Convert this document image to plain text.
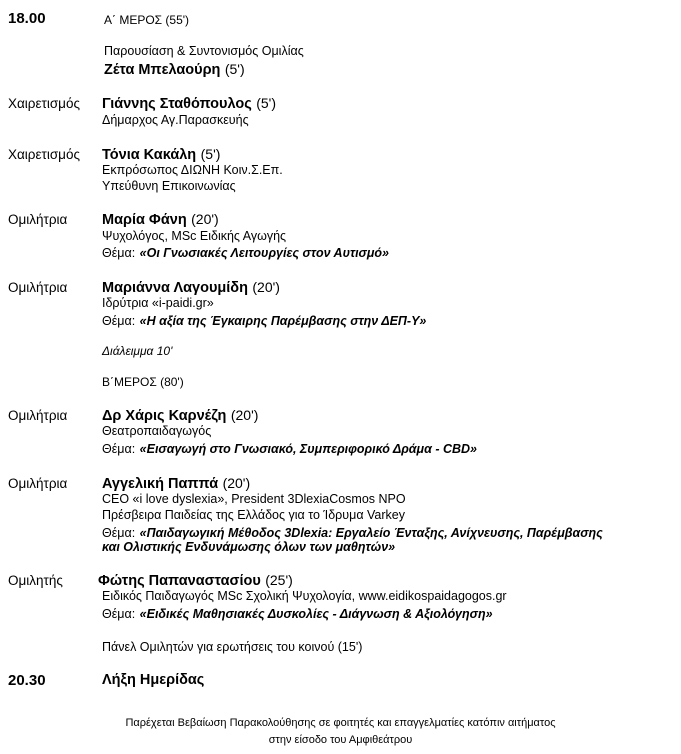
18.00	Α΄ ΜΕΡΟΣ (55')
Παρουσίαση & Συντονισμός Ομιλίας
Ζέτα Μπελαούρη (5')
Χαιρετισμός Γιάννης Σταθόπουλος (5')
Δήμαρχος Αγ.Παρασκευής
Χαιρετισμός Τόνια Κακάλη (5')
Εκπρόσωπος ΔΙΩΝΗ Κοιν.Σ.Επ.
Υπεύθυνη Επικοινωνίας
Ομιλήτρια Μαρία Φάνη (20')
Ψυχολόγος, MSc Ειδικής Αγωγής
Θέμα: «Οι Γνωσιακές Λειτουργίες στον Αυτισμό»
Ομιλήτρια Μαριάννα Λαγουμίδη (20')
Ιδρύτρια «i-paidi.gr»
Θέμα: «Η αξία της Έγκαιρης Παρέμβασης στην ΔΕΠ-Υ»
Διάλειμμα 10'
Β΄ΜΕΡΟΣ (80')
Ομιλήτρια Δρ Χάρις Καρνέζη (20')
Θεατροπαιδαγωγός
Θέμα: «Εισαγωγή στο Γνωσιακό, Συμπεριφορικό Δράμα - CBD»
Ομιλήτρια Αγγελική Παππά (20')
CEO «i love dyslexia», President 3DlexiaCosmos NPO
Πρέσβειρα Παιδείας της Ελλάδος για το Ίδρυμα Varkey
Θέμα: «Παιδαγωγική Μέθοδος 3Dlexia: Εργαλείο Ένταξης, Ανίχνευσης, Παρέμβασης
και Ολιστικής Ενδυνάμωσης όλων των μαθητών»
Ομιλητής Φώτης Παπαναστασίου (25')
Ειδικός Παιδαγωγός MSc Σχολική Ψυχολογία, www.eidikospaidagogos.gr
Θέμα: «Ειδικές Μαθησιακές Δυσκολίες - Διάγνωση & Αξιολόγηση»
Πάνελ Ομιλητών για ερωτήσεις του κοινού (15')
20.30	Λήξη Ημερίδας
Παρέχεται Βεβαίωση Παρακολούθησης σε φοιτητές και επαγγελματίες κατόπιν αιτήματος
στην είσοδο του Αμφιθεάτρου
